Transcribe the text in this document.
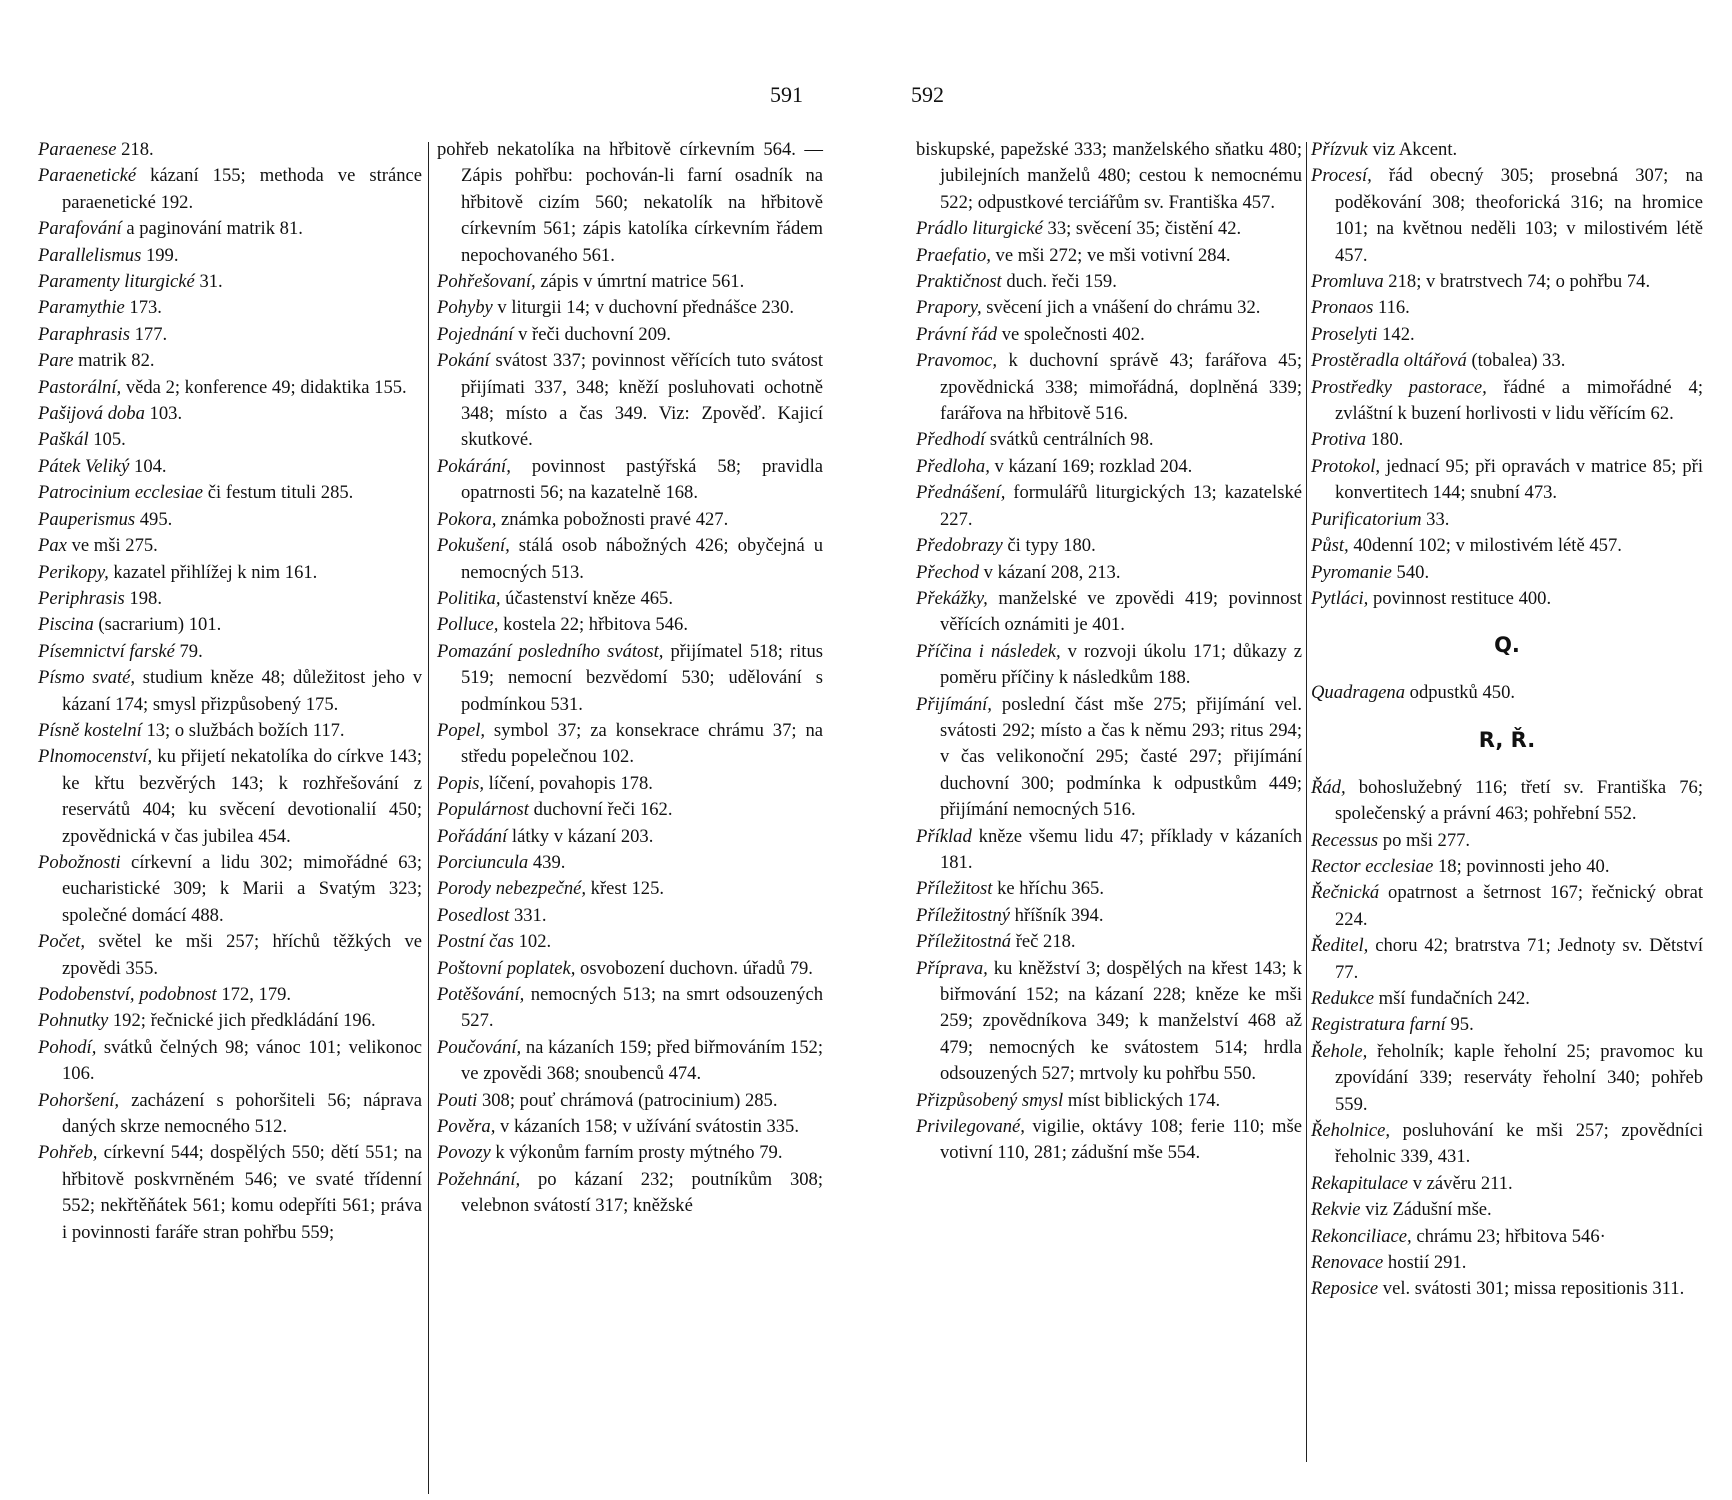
591	592

Paraenese 218.

Paraenetické kázaní 155; methoda ve stránce paraenetické 192.

Parafování a paginování matrik 81.

Parallelismus 199.

Paramenty liturgické 31.

Paramythie 173.

Paraphrasis 177.

Pare matrik 82.

Pastorální, věda 2; konference 49; didaktika 155.

Pašijová doba 103.

Paškál 105.

Pátek Veliký 104.

Patrocinium ecclesiae či festum tituli 285.

Pauperismus 495.

Pax ve mši 275.

Perikopy, kazatel přihlížej k nim 161.

Periphrasis 198.

Piscina (sacrarium) 101.

Písemnictví farské 79.

Písmo svaté, studium kněze 48; důležitost jeho v kázaní 174; smysl přizpůsobený 175.

Písně kostelní 13; o službách božích 117.

Plnomocenství, ku přijetí nekatolíka do církve 143; ke křtu bezvěrých 143; k rozhřešování z reservátů 404; ku svěcení devotionalií 450; zpovědnická v čas jubilea 454.

Pobožnosti církevní a lidu 302; mimořádné 63; eucharistické 309; k Marii a Svatým 323; společné domácí 488.

Počet, světel ke mši 257; hříchů těžkých ve zpovědi 355.

Podobenství, podobnost 172, 179.

Pohnutky 192; řečnické jich předkládání 196.

Pohodí, svátků čelných 98; vánoc 101; velikonoc 106.

Pohoršení, zacházení s pohoršiteli 56; náprava daných skrze nemocného 512.

Pohřeb, církevní 544; dospělých 550; dětí 551; na hřbitově poskvrněném 546; ve svaté třídenní 552; nekřtěňátek 561; komu odepříti 561; práva i povinnosti faráře stran pohřbu 559;

pohřeb nekatolíka na hřbitově církevním 564. — Zápis pohřbu: pochován-li farní osadník na hřbitově cizím 560; nekatolík na hřbitově církevním 561; zápis katolíka církevním řádem nepochovaného 561.

Pohřešovaní, zápis v úmrtní matrice 561.

Pohyby v liturgii 14; v duchovní přednášce 230.

Pojednání v řeči duchovní 209.

Pokání svátost 337; povinnost věřících tuto svátost přijímati 337, 348; kněží posluhovati ochotně 348; místo a čas 349. Viz: Zpověď. Kajicí skutkové.

Pokárání, povinnost pastýřská 58; pravidla opatrnosti 56; na kazatelně 168.

Pokora, známka pobožnosti pravé 427.

Pokušení, stálá osob nábožných 426; obyčejná u nemocných 513.

Politika, účastenství kněze 465.

Polluce, kostela 22; hřbitova 546.

Pomazání posledního svátost, přijímatel 518; ritus 519; nemocní bezvědomí 530; udělování s podmínkou 531.

Popel, symbol 37; za konsekrace chrámu 37; na středu popelečnou 102.

Popis, líčení, povahopis 178.

Populárnost duchovní řeči 162.

Pořádání látky v kázaní 203.

Porciuncula 439.

Porody nebezpečné, křest 125.

Posedlost 331.

Postní čas 102.

Poštovní poplatek, osvobození duchovn. úřadů 79.

Potěšování, nemocných 513; na smrt odsouzených 527.

Poučování, na kázaních 159; před biřmováním 152; ve zpovědi 368; snoubenců 474.

Pouti 308; pouť chrámová (patrocinium) 285.

Pověra, v kázaních 158; v užívání svátostin 335.

Povozy k výkonům farním prosty mýtného 79.

Požehnání, po kázaní 232; poutníkům 308; velebnon svátostí 317; kněžské

biskupské, papežské 333; manželského sňatku 480; jubilejních manželů 480; cestou k nemocnému 522; odpustkové terciářům sv. Františka 457.

Prádlo liturgické 33; svěcení 35; čistění 42.

Praefatio, ve mši 272; ve mši votivní 284.

Praktičnost duch. řeči 159.

Prapory, svěcení jich a vnášení do chrámu 32.

Právní řád ve společnosti 402.

Pravomoc, k duchovní správě 43; farářova 45; zpovědnická 338; mimořádná, doplněná 339; farářova na hřbitově 516.

Předhodí svátků centrálních 98.

Předloha, v kázaní 169; rozklad 204.

Přednášení, formulářů liturgických 13; kazatelské 227.

Předobrazy či typy 180.

Přechod v kázaní 208, 213.

Překážky, manželské ve zpovědi 419; povinnost věřících oznámiti je 401.

Příčina i následek, v rozvoji úkolu 171; důkazy z poměru příčiny k následkům 188.

Přijímání, poslední část mše 275; přijímání vel. svátosti 292; místo a čas k němu 293; ritus 294; v čas velikonoční 295; časté 297; přijímání duchovní 300; podmínka k odpustkům 449; přijímání nemocných 516.

Příklad kněze všemu lidu 47; příklady v kázaních 181.

Příležitost ke hříchu 365.

Příležitostný hříšník 394.

Příležitostná řeč 218.

Příprava, ku kněžství 3; dospělých na křest 143; k biřmování 152; na kázaní 228; kněze ke mši 259; zpovědníkova 349; k manželství 468 až 479; nemocných ke svátostem 514; hrdla odsouzených 527; mrtvoly ku pohřbu 550.

Přizpůsobený smysl míst biblických 174.

Privilegované, vigilie, oktávy 108; ferie 110; mše votivní 110, 281; zádušní mše 554.

Přízvuk viz Akcent.

Procesí, řád obecný 305; prosebná 307; na poděkování 308; theoforická 316; na hromice 101; na květnou neděli 103; v milostivém létě 457.

Promluva 218; v bratrstvech 74; o pohřbu 74.

Pronaos 116.

Proselyti 142.

Prostěradla oltářová (tobalea) 33.

Prostředky pastorace, řádné a mimořádné 4; zvláštní k buzení horlivosti v lidu věřícím 62.

Protiva 180.

Protokol, jednací 95; při opravách v matrice 85; při konvertitech 144; snubní 473.

Purificatorium 33.

Půst, 40denní 102; v milostivém létě 457.

Pyromanie 540.

Pytláci, povinnost restituce 400.

Q.

Quadragena odpustků 450.

R, Ř.

Řád, bohoslužebný 116; třetí sv. Františka 76; společenský a právní 463; pohřební 552.

Recessus po mši 277.

Rector ecclesiae 18; povinnosti jeho 40.

Řečnická opatrnost a šetrnost 167; řečnický obrat 224.

Ředitel, choru 42; bratrstva 71; Jednoty sv. Dětství 77.

Redukce mší fundačních 242.

Registratura farní 95.

Řehole, řeholník; kaple řeholní 25; pravomoc ku zpovídání 339; reserváty řeholní 340; pohřeb 559.

Řeholnice, posluhování ke mši 257; zpovědníci řeholnic 339, 431.

Rekapitulace v závěru 211.

Rekvie viz Zádušní mše.

Rekonciliace, chrámu 23; hřbitova 546·

Renovace hostií 291.

Reposice vel. svátosti 301; missa repositionis 311.
